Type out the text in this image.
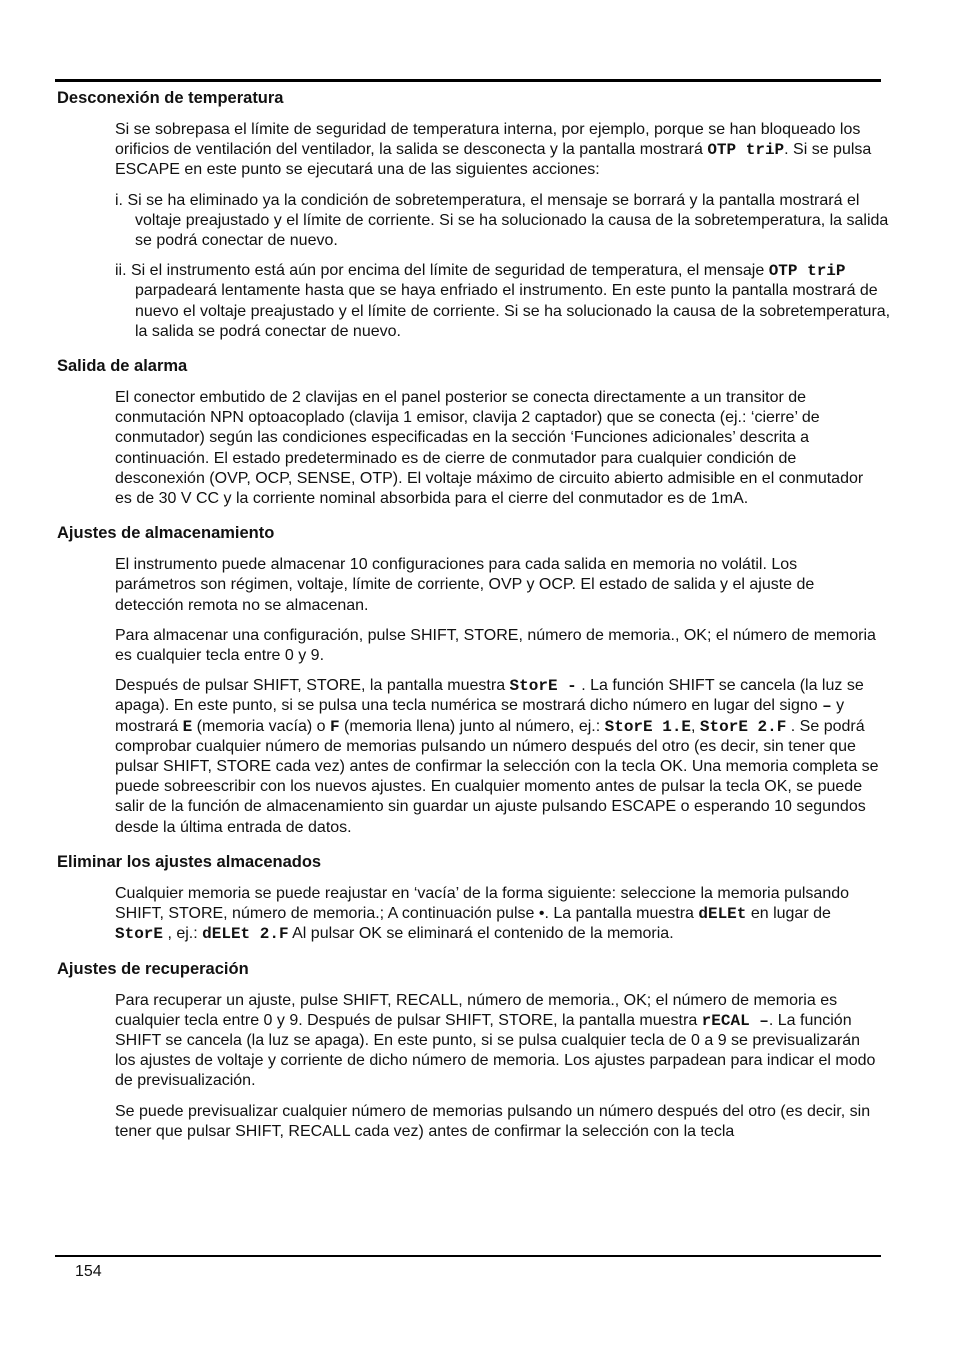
Desconexión de temperatura

Si se sobrepasa el límite de seguridad de temperatura interna, por ejemplo, porque se han bloqueado los orificios de ventilación del ventilador, la salida se desconecta y la pantalla mostrará OTP triP. Si se pulsa ESCAPE en este punto se ejecutará una de las siguientes acciones:

i. Si se ha eliminado ya la condición de sobretemperatura, el mensaje se borrará y la pantalla mostrará el voltaje preajustado y el límite de corriente. Si se ha solucionado la causa de la sobretemperatura, la salida se podrá conectar de nuevo.

ii. Si el instrumento está aún por encima del límite de seguridad de temperatura, el mensaje OTP triP parpadeará lentamente hasta que se haya enfriado el instrumento. En este punto la pantalla mostrará de nuevo el voltaje preajustado y el límite de corriente. Si se ha solucionado la causa de la sobretemperatura, la salida se podrá conectar de nuevo.

Salida de alarma

El conector embutido de 2 clavijas en el panel posterior se conecta directamente a un transitor de conmutación NPN optoacoplado (clavija 1 emisor, clavija 2 captador) que se conecta (ej.: ‘cierre’ de conmutador) según las condiciones especificadas en la sección ‘Funciones adicionales’ descrita a continuación. El estado predeterminado es de cierre de conmutador para cualquier condición de desconexión (OVP, OCP, SENSE, OTP). El voltaje máximo de circuito abierto admisible en el conmutador es de 30 V CC y la corriente nominal absorbida para el cierre del conmutador es de 1mA.

Ajustes de almacenamiento

El instrumento puede almacenar 10 configuraciones para cada salida en memoria no volátil. Los parámetros son régimen, voltaje, límite de corriente, OVP y OCP. El estado de salida y el ajuste de detección remota no se almacenan.

Para almacenar una configuración, pulse SHIFT, STORE, número de memoria., OK; el número de memoria es cualquier tecla entre 0 y 9.

Después de pulsar SHIFT, STORE, la pantalla muestra StorE - . La función SHIFT se cancela (la luz se apaga). En este punto, si se pulsa una tecla numérica se mostrará dicho número en lugar del signo – y mostrará E (memoria vacía) o F (memoria llena) junto al número, ej.: StorE 1.E, StorE 2.F . Se podrá comprobar cualquier número de memorias pulsando un número después del otro (es decir, sin tener que pulsar SHIFT, STORE cada vez) antes de confirmar la selección con la tecla OK. Una memoria completa se puede sobreescribir con los nuevos ajustes. En cualquier momento antes de pulsar la tecla OK, se puede salir de la función de almacenamiento sin guardar un ajuste pulsando ESCAPE o esperando 10 segundos desde la última entrada de datos.

Eliminar los ajustes almacenados

Cualquier memoria se puede reajustar en ‘vacía’ de la forma siguiente: seleccione la memoria pulsando SHIFT, STORE, número de memoria.; A continuación pulse •. La pantalla muestra dELEt en lugar de StorE , ej.: dELEt 2.F Al pulsar OK se eliminará el contenido de la memoria.

Ajustes de recuperación

Para recuperar un ajuste, pulse SHIFT, RECALL, número de memoria., OK; el número de memoria es cualquier tecla entre 0 y 9. Después de pulsar SHIFT, STORE, la pantalla muestra rECAL –. La función SHIFT se cancela (la luz se apaga). En este punto, si se pulsa cualquier tecla de 0 a 9 se previsualizarán los ajustes de voltaje y corriente de dicho número de memoria. Los ajustes parpadean para indicar el modo de previsualización.

Se puede previsualizar cualquier número de memorias pulsando un número después del otro (es decir, sin tener que pulsar SHIFT, RECALL cada vez) antes de confirmar la selección con la tecla

154
